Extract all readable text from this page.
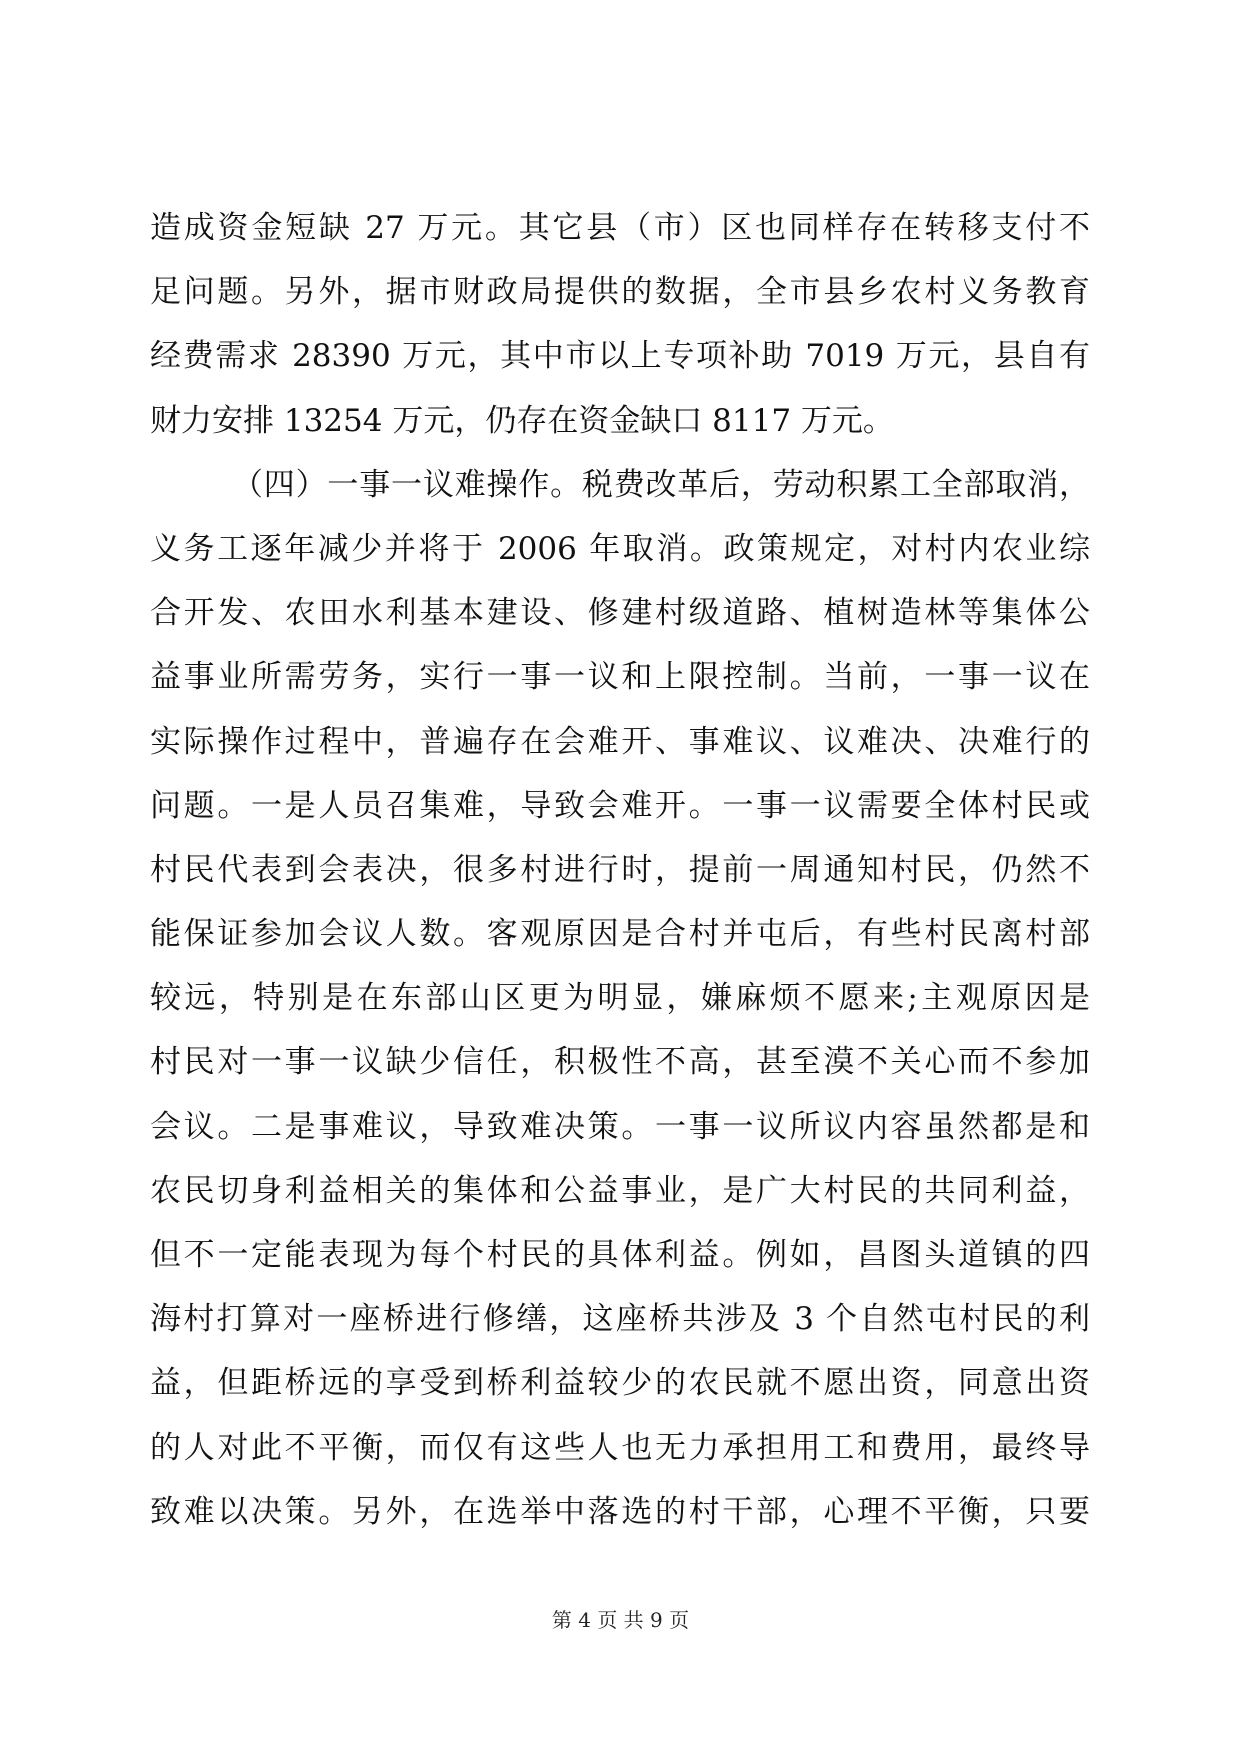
造成资金短缺 27 万元。其它县（市）区也同样存在转移支付不
足问题。另外，据市财政局提供的数据，全市县乡农村义务教育
经费需求 28390 万元，其中市以上专项补助 7019 万元，县自有
财力安排 13254 万元，仍存在资金缺口 8117 万元。
（四）一事一议难操作。税费改革后，劳动积累工全部取消，
义务工逐年减少并将于 2006 年取消。政策规定，对村内农业综
合开发、农田水利基本建设、修建村级道路、植树造林等集体公
益事业所需劳务，实行一事一议和上限控制。当前，一事一议在
实际操作过程中，普遍存在会难开、事难议、议难决、决难行的
问题。一是人员召集难，导致会难开。一事一议需要全体村民或
村民代表到会表决，很多村进行时，提前一周通知村民，仍然不
能保证参加会议人数。客观原因是合村并屯后，有些村民离村部
较远，特别是在东部山区更为明显，嫌麻烦不愿来;主观原因是
村民对一事一议缺少信任，积极性不高，甚至漠不关心而不参加
会议。二是事难议，导致难决策。一事一议所议内容虽然都是和
农民切身利益相关的集体和公益事业，是广大村民的共同利益，
但不一定能表现为每个村民的具体利益。例如，昌图头道镇的四
海村打算对一座桥进行修缮，这座桥共涉及 3 个自然屯村民的利
益，但距桥远的享受到桥利益较少的农民就不愿出资，同意出资
的人对此不平衡，而仅有这些人也无力承担用工和费用，最终导
致难以决策。另外，在选举中落选的村干部，心理不平衡，只要
第 4 页 共 9 页
